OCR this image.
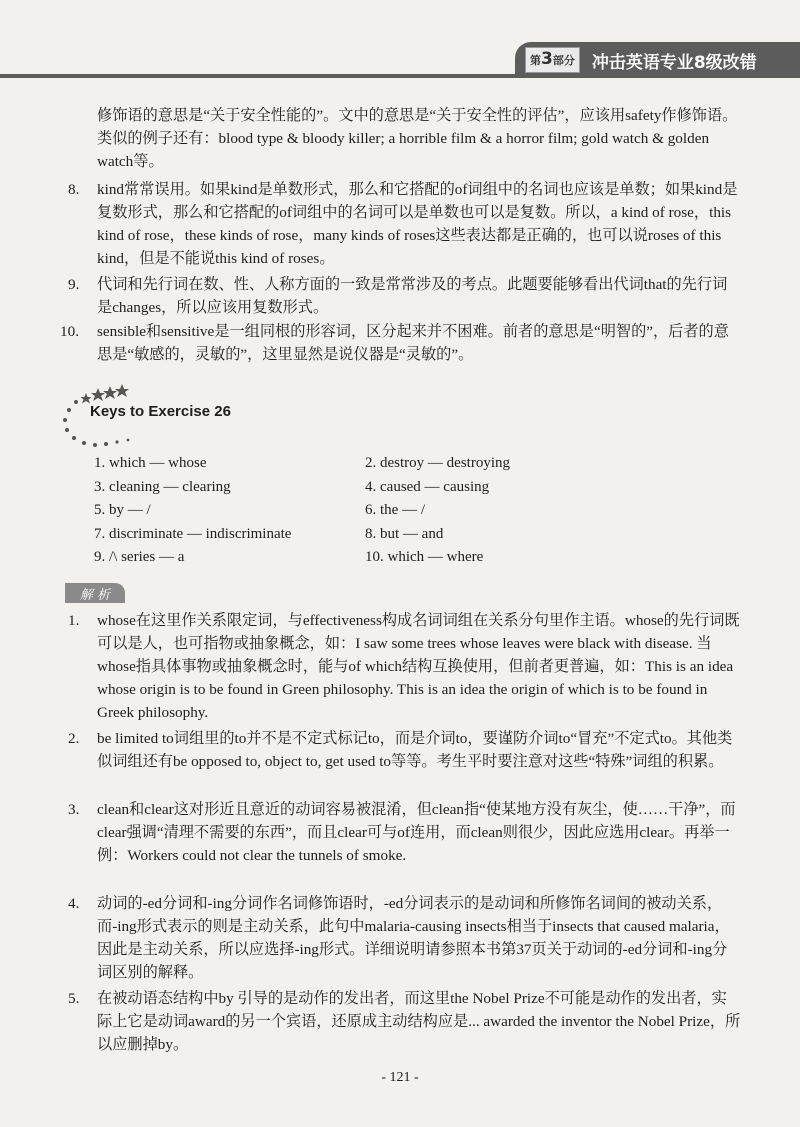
第3部分 冲击英语专业8级改错
修饰语的意思是“关于安全性能的”。文中的意思是“关于安全性的评估”，应该用safety作修饰语。类似的例子还有：blood type & bloody killer; a horrible film & a horror film; gold watch & golden watch等。
8. kind常常误用。如果kind是单数形式，那么和它搭配的of词组中的名词也应该是单数；如果kind是复数形式，那么和它搭配的of词组中的名词可以是单数也可以是复数。所以，a kind of rose，this kind of rose，these kinds of rose，many kinds of roses这些表达都是正确的，也可以说roses of this kind，但是不能说this kind of roses。
9. 代词和先行词在数、性、人称方面的一致是常常涉及的考点。此题要能够看出代词that的先行词是changes，所以应该用复数形式。
10. sensible和sensitive是一组同根的形容词，区分起来并不困难。前者的意思是“明智的”，后者的意思是“敏感的，灵敏的”，这里显然是说仪器是“灵敏的”。
Keys to Exercise 26
1. which — whose
3. cleaning — clearing
5. by — /
7. discriminate — indiscriminate
9. /\ series — a
2. destroy — destroying
4. caused — causing
6. the — /
8. but — and
10. which — where
解 析
1. whose在这里作关系限定词，与effectiveness构成名词词组在关系分句里作主语。whose的先行词既可以是人，也可指物或抽象概念，如：I saw some trees whose leaves were black with disease. 当whose指具体事物或抽象概念时，能与of which结构互换使用，但前者更普遍，如：This is an idea whose origin is to be found in Green philosophy. This is an idea the origin of which is to be found in Greek philosophy.
2. be limited to词组里的to并不是不定式标记to，而是介词to，要谨防介词to“冒充”不定式to。其他类似词组还有be opposed to, object to, get used to等等。考生平时要注意对这些“特殊”词组的积累。
3. clean和clear这对形近且意近的动词容易被混淆，但clean指“使某地方没有灰尘，使……干净”，而clear强调“清理不需要的东西”，而且clear可与of连用，而clean则很少，因此应选用clear。再举一例：Workers could not clear the tunnels of smoke.
4. 动词的-ed分词和-ing分词作名词修饰语时，-ed分词表示的是动词和所修饰名词间的被动关系，而-ing形式表示的则是主动关系，此句中malaria-causing insects相当于insects that caused malaria，因此是主动关系，所以应选择-ing形式。详细说明请参照本书第37页关于动词的-ed分词和-ing分词区别的解释。
5. 在被动语态结构中by 引导的是动作的发出者，而这里the Nobel Prize不可能是动作的发出者，实际上它是动词award的另一个宾语，还原成主动结构应是... awarded the inventor the Nobel Prize，所以应删掉by。
- 121 -
